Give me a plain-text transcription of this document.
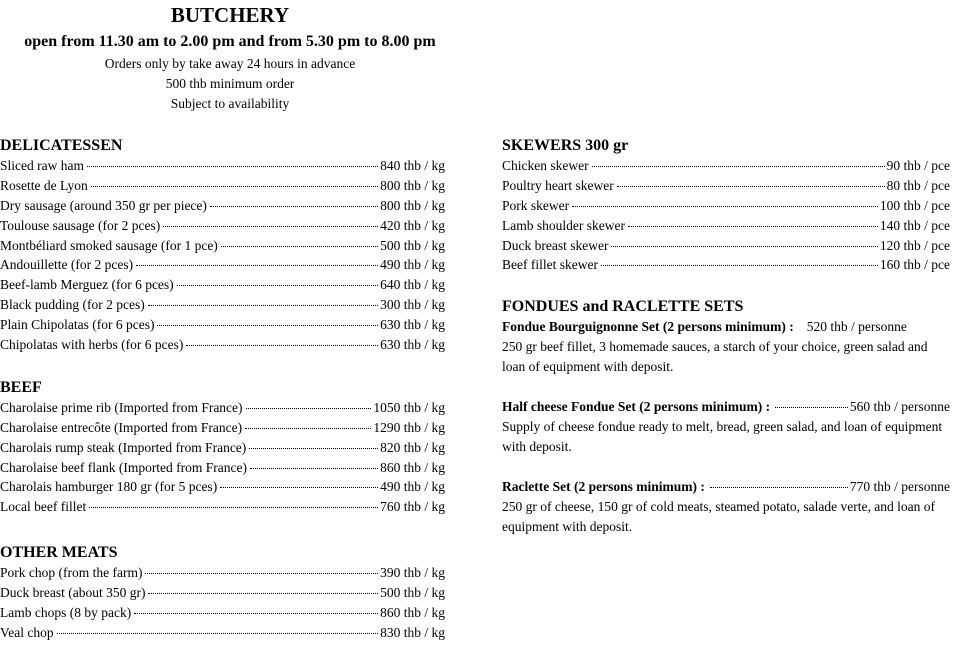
BUTCHERY
open from 11.30 am to 2.00 pm and from 5.30 pm to 8.00 pm
Orders only by take away 24 hours in advance
500 thb minimum order
Subject to availability
DELICATESSEN
Sliced raw ham	840 thb / kg
Rosette de Lyon	800 thb / kg
Dry sausage (around 350 gr per piece)	800 thb / kg
Toulouse sausage (for 2 pces)	420 thb / kg
Montbéliard smoked sausage (for 1 pce)	500 thb / kg
Andouillette (for 2 pces)	490 thb / kg
Beef-lamb Merguez (for 6 pces)	640 thb / kg
Black pudding (for 2 pces)	300 thb / kg
Plain Chipolatas (for 6 pces)	630 thb / kg
Chipolatas with herbs (for 6 pces)	630 thb / kg
BEEF
Charolaise prime rib (Imported from France)	1050 thb / kg
Charolaise entrecôte (Imported from France)	1290 thb / kg
Charolais rump steak (Imported from France)	820 thb / kg
Charolaise beef flank (Imported from France)	860 thb / kg
Charolais hamburger 180 gr (for 5 pces)	490 thb / kg
Local beef fillet	760 thb / kg
OTHER MEATS
Pork chop (from the farm)	390 thb / kg
Duck breast (about 350 gr)	500 thb / kg
Lamb chops (8 by pack)	860 thb / kg
Veal chop	830 thb / kg
SKEWERS 300 gr
Chicken skewer	90 thb / pce
Poultry heart skewer	80 thb / pce
Pork skewer	100 thb / pce
Lamb shoulder skewer	140 thb / pce
Duck breast skewer	120 thb / pce
Beef fillet skewer	160 thb / pce
FONDUES and RACLETTE SETS
Fondue Bourguignonne Set (2 persons minimum) : 520 thb / personne

250 gr beef fillet, 3 homemade sauces, a starch of your choice, green salad and loan of equipment with deposit.

Half cheese Fondue Set (2 persons minimum) :	560 thb / personne

Supply of cheese fondue ready to melt, bread, green salad, and loan of equipment with deposit.

Raclette Set (2 persons minimum) :	770 thb / personne

250 gr of cheese, 150 gr of cold meats, steamed potato, salade verte, and loan of equipment with deposit.
